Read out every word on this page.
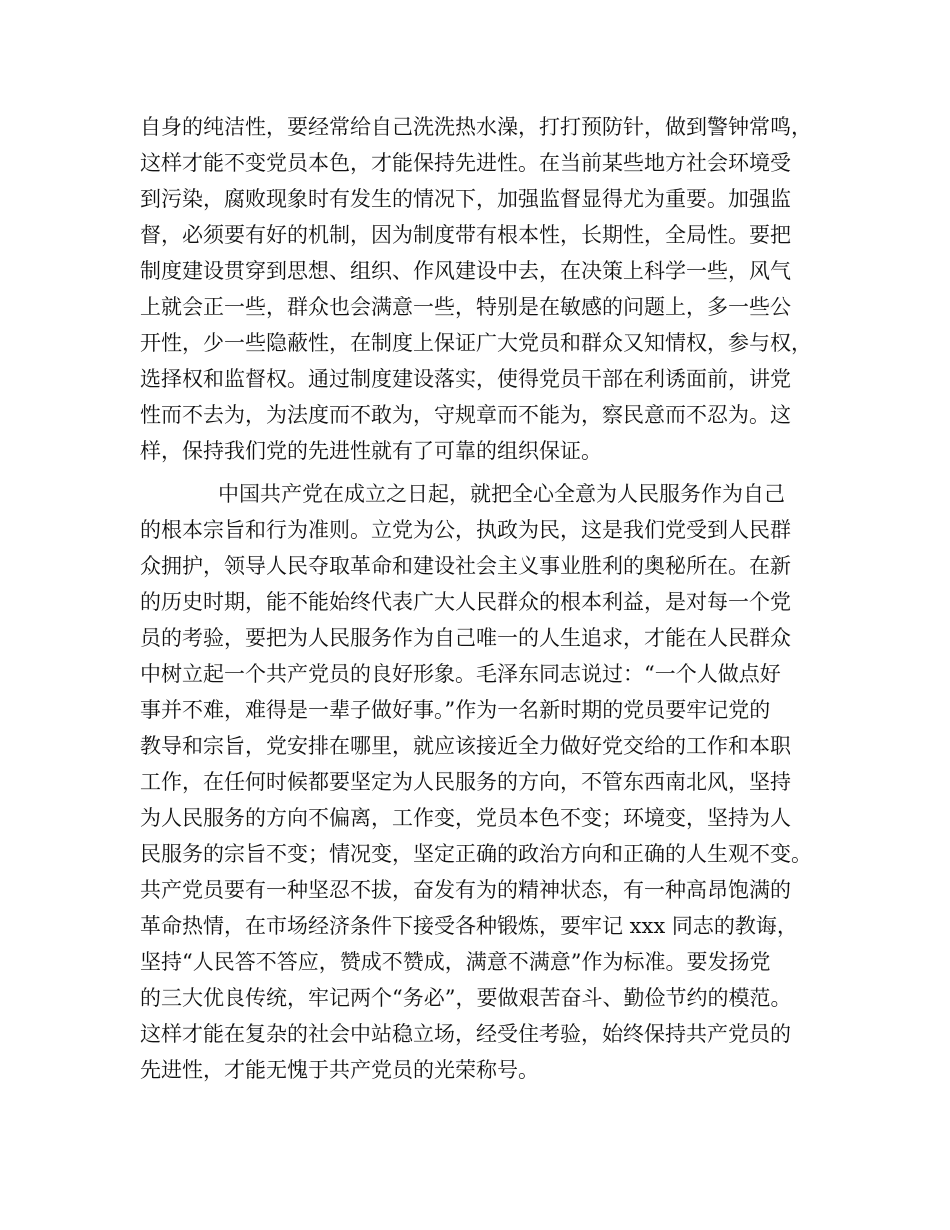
自身的纯洁性，要经常给自己洗洗热水澡，打打预防针，做到警钟常鸣，
这样才能不变党员本色，才能保持先进性。在当前某些地方社会环境受
到污染，腐败现象时有发生的情况下，加强监督显得尤为重要。加强监
督，必须要有好的机制，因为制度带有根本性，长期性，全局性。要把
制度建设贯穿到思想、组织、作风建设中去，在决策上科学一些，风气
上就会正一些，群众也会满意一些，特别是在敏感的问题上，多一些公
开性，少一些隐蔽性，在制度上保证广大党员和群众又知情权，参与权，
选择权和监督权。通过制度建设落实，使得党员干部在利诱面前，讲党
性而不去为，为法度而不敢为，守规章而不能为，察民意而不忍为。这
样，保持我们党的先进性就有了可靠的组织保证。
中国共产党在成立之日起，就把全心全意为人民服务作为自己
的根本宗旨和行为准则。立党为公，执政为民，这是我们党受到人民群
众拥护，领导人民夺取革命和建设社会主义事业胜利的奥秘所在。在新
的历史时期，能不能始终代表广大人民群众的根本利益，是对每一个党
员的考验，要把为人民服务作为自己唯一的人生追求，才能在人民群众
中树立起一个共产党员的良好形象。毛泽东同志说过：“一个人做点好
事并不难，难得是一辈子做好事。”作为一名新时期的党员要牢记党的
教导和宗旨，党安排在哪里，就应该接近全力做好党交给的工作和本职
工作，在任何时候都要坚定为人民服务的方向，不管东西南北风，坚持
为人民服务的方向不偏离，工作变，党员本色不变；环境变，坚持为人
民服务的宗旨不变；情况变，坚定正确的政治方向和正确的人生观不变。
共产党员要有一种坚忍不拔，奋发有为的精神状态，有一种高昂饱满的
革命热情，在市场经济条件下接受各种锻炼，要牢记 xxx 同志的教诲，
坚持“人民答不答应，赞成不赞成，满意不满意”作为标准。要发扬党
的三大优良传统，牢记两个“务必”，要做艰苦奋斗、勤俭节约的模范。
这样才能在复杂的社会中站稳立场，经受住考验，始终保持共产党员的
先进性，才能无愧于共产党员的光荣称号。
